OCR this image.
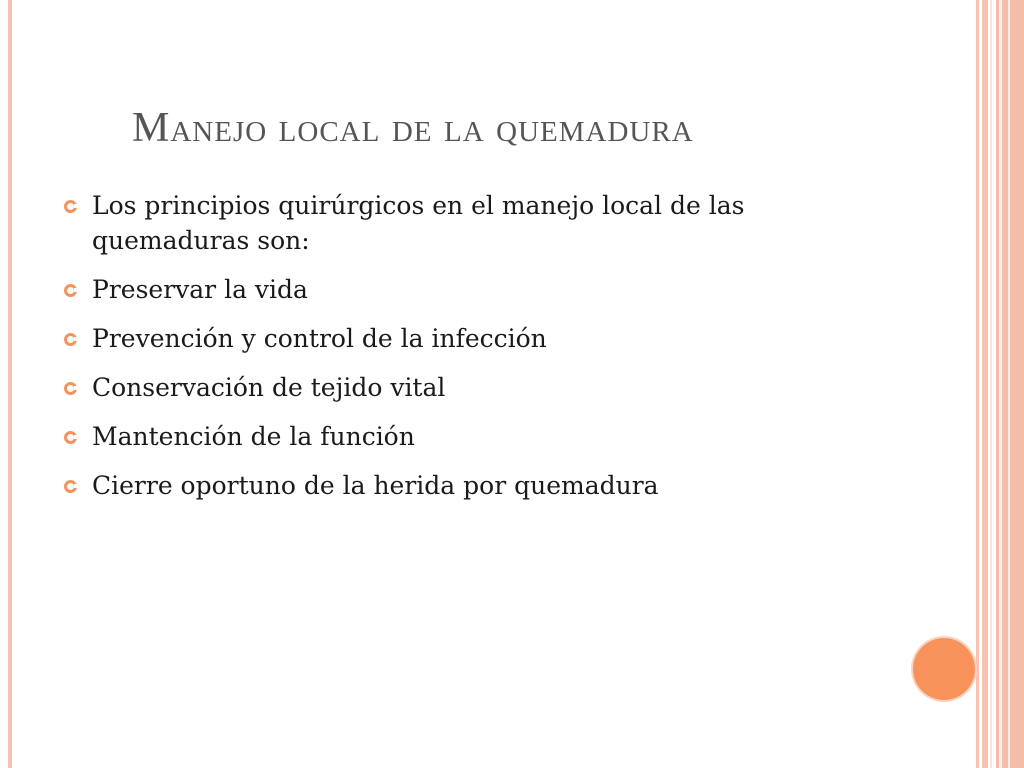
Manejo local de la quemadura
Los principios quirúrgicos en el manejo local de las quemaduras son:
Preservar la vida
Prevención y control de la infección
Conservación de tejido vital
Mantención de la función
Cierre oportuno de la herida por quemadura
